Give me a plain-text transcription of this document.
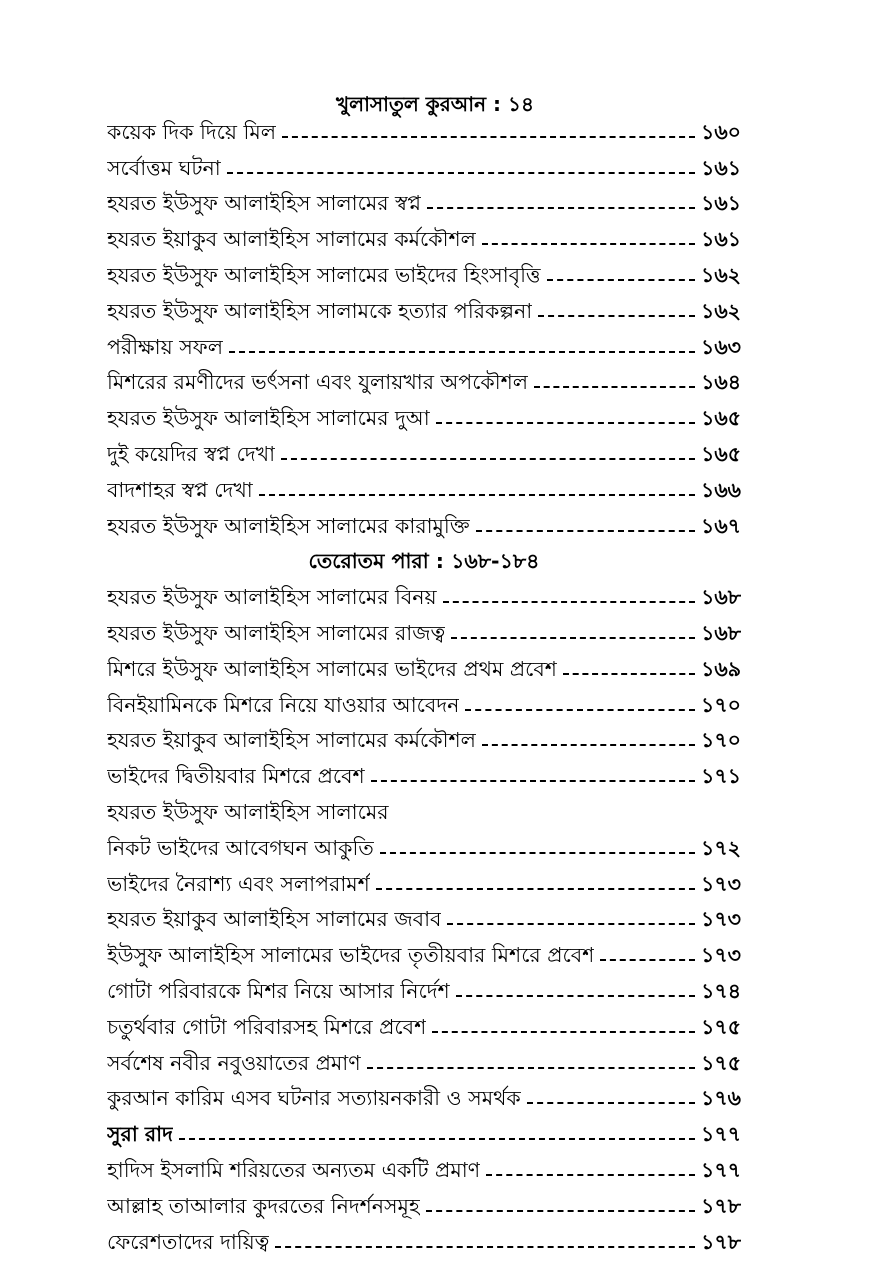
খুলাসাতুল কুরআন : ১৪
কয়েক দিক দিয়ে মিল	১৬০
সর্বোত্তম ঘটনা	১৬১
হযরত ইউসুফ আলাইহিস সালামের স্বপ্ন	১৬১
হযরত ইয়াকুব আলাইহিস সালামের কর্মকৌশল	১৬১
হযরত ইউসুফ আলাইহিস সালামের ভাইদের হিংসাবৃত্তি	১৬২
হযরত ইউসুফ আলাইহিস সালামকে হত্যার পরিকল্পনা	১৬২
পরীক্ষায় সফল	১৬৩
মিশরের রমণীদের ভর্ৎসনা এবং যুলায়খার অপকৌশল	১৬৪
হযরত ইউসুফ আলাইহিস সালামের দুআ	১৬৫
দুই কয়েদির স্বপ্ন দেখা	১৬৫
বাদশাহর স্বপ্ন দেখা	১৬৬
হযরত ইউসুফ আলাইহিস সালামের কারামুক্তি	১৬৭
তেরোতম পারা : ১৬৮-১৮৪
হযরত ইউসুফ আলাইহিস সালামের বিনয়	১৬৮
হযরত ইউসুফ আলাইহিস সালামের রাজত্ব	১৬৮
মিশরে ইউসুফ আলাইহিস সালামের ভাইদের প্রথম প্রবেশ	১৬৯
বিনইয়ামিনকে মিশরে নিয়ে যাওয়ার আবেদন	১৭০
হযরত ইয়াকুব আলাইহিস সালামের কর্মকৌশল	১৭০
ভাইদের দ্বিতীয়বার মিশরে প্রবেশ	১৭১
হযরত ইউসুফ আলাইহিস সালামের
নিকট ভাইদের আবেগঘন আকুতি	১৭২
ভাইদের নৈরাশ্য এবং সলাপরামর্শ	১৭৩
হযরত ইয়াকুব আলাইহিস সালামের জবাব	১৭৩
ইউসুফ আলাইহিস সালামের ভাইদের তৃতীয়বার মিশরে প্রবেশ	১৭৩
গোটা পরিবারকে মিশর নিয়ে আসার নির্দেশ	১৭৪
চতুর্থবার গোটা পরিবারসহ মিশরে প্রবেশ	১৭৫
সর্বশেষ নবীর নবুওয়াতের প্রমাণ	১৭৫
কুরআন কারিম এসব ঘটনার সত্যায়নকারী ও সমর্থক	১৭৬
সুরা রাদ	১৭৭
হাদিস ইসলামি শরিয়তের অন্যতম একটি প্রমাণ	১৭৭
আল্লাহ তাআলার কুদরতের নিদর্শনসমূহ	১৭৮
ফেরেশতাদের দায়িত্ব	১৭৮
